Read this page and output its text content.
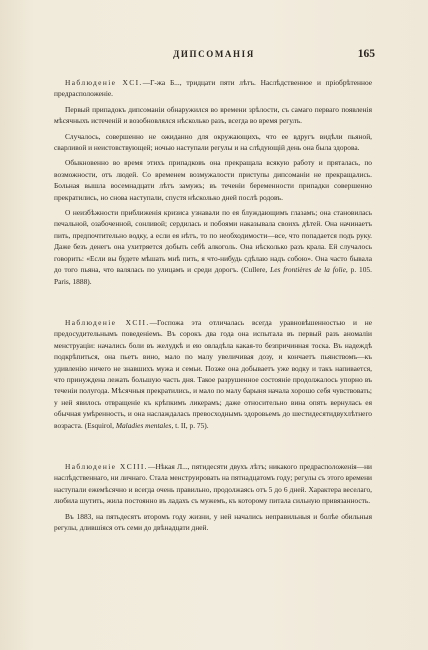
ДИПСОМАНІЯ	165

Наблюденіе XCI.—Г-жа Б..., тридцати пяти лѣтъ. Наслѣдственное и пріобрѣтенное предрасположеніе.

Первый припадокъ дипсоманіи обнаружился во времени зрѣлости, съ самаго перваго появленія мѣсячныхъ истеченій и возобновлялся нѣсколько разъ, всегда во время регулъ.

Случалось, совершенно не ожиданно для окружающихъ, что ее вдругъ видѣли пьяной, сварливой и неистовствующей; ночью наступали регулы и на слѣдующій день она была здорова.

Обыкновенно во время этихъ припадковъ она прекращала всякую работу и пряталась, по возможности, отъ людей. Со временем возмужалости приступы дипсоманіи не прекращались. Больная вышла восемнадцати лѣтъ замужъ; въ теченіи беременности припадки совершенно прекратились, но снова наступали, спустя нѣсколько дней послѣ родовъ.

О неизбѣжности приближенія кризиса узнавали по ея блуждающимъ глазамъ; она становилась печальной, озабоченной, сонливой; сердилась и побоями наказывала своихъ дѣтей. Она начинаетъ пить, предпочтительно водку, а если ея нѣтъ, то по необходимости—все, что попадается подъ руку. Даже безъ денегъ она ухитряется добыть себѣ алкоголь. Она нѣсколько разъ крала. Ей случалось говорить: «Если вы будете мѣшать мнѣ пить, я что-нибудь сдѣлаю надъ собою». Она часто бывала до того пьяна, что валялась по улицамъ и среди дорогъ. (Cullere, Les frontières de la folie, p. 105. Paris, 1888).

Наблюденіе XCII.—Госпожа эта отличалась всегда уравновѣшенностью и не предосудительнымъ поведеніемъ. Въ сорокъ два года она испытала въ первый разъ аномаліи менструаціи: начались боли въ желудкѣ и ею овладѣла какая-то безпричинная тоска. Въ надеждѣ подкрѣпиться, она пьетъ вино, мало по малу увеличивая дозу, и кончаетъ пьянствомъ—къ удивленію ничего не знавшихъ мужа и семьи. Позже она добываетъ уже водку и такъ напивается, что принуждена лежать большую часть дня. Такое разрушенное состояніе продолжалось упорно въ теченіи полугода. Мѣсячныя прекратились, и мало по малу барыня начала хорошо себя чувствовать; у ней явилось отвращеніе къ крѣпкимъ ликерамъ; даже относительно вина опять вернулась ея обычная умѣренность, и она наслаждалась превосходнымъ здоровьемъ до шестидесятидвухлѣтнего возраста. (Esquirol, Maladies mentales, t. II, p. 75).

Наблюденіе XCIII.—Нѣкая Л..., пятидесяти двухъ лѣтъ; никакого предрасположенія—ни наслѣдственнаго, ни личнаго. Стала менструировать на пятнадцатомъ году; регулы съ этого времени наступали ежемѣсячно и всегда очень правильно, продолжаясь отъ 5 до 6 дней. Характера веселаго, любила шутить, жила постоянно въ ладахъ съ мужемъ, къ которому питала сильную привязанность.

Въ 1883, на пятьдесятъ второмъ году жизни, у ней начались неправильныя и болѣе обильныя регулы, длившіяся отъ семи до двѣнадцати дней.
